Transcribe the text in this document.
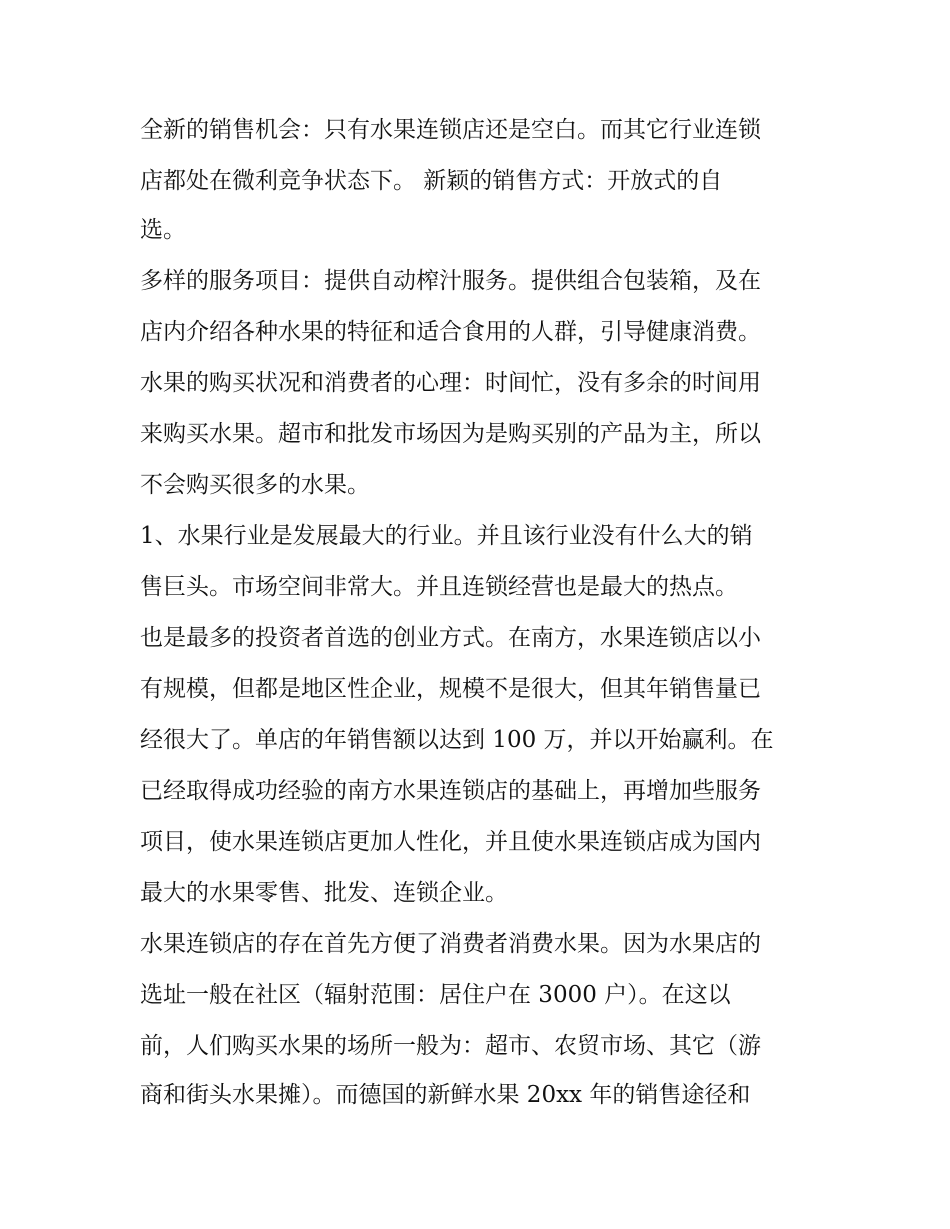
全新的销售机会：只有水果连锁店还是空白。而其它行业连锁

店都处在微利竞争状态下。 新颖的销售方式：开放式的自

选。

多样的服务项目：提供自动榨汁服务。提供组合包装箱，及在

店内介绍各种水果的特征和适合食用的人群，引导健康消费。

水果的购买状况和消费者的心理：时间忙，没有多余的时间用

来购买水果。超市和批发市场因为是购买别的产品为主，所以

不会购买很多的水果。

1、水果行业是发展最大的行业。并且该行业没有什么大的销

售巨头。市场空间非常大。并且连锁经营也是最大的热点。

也是最多的投资者首选的创业方式。在南方，水果连锁店以小

有规模，但都是地区性企业，规模不是很大，但其年销售量已

经很大了。单店的年销售额以达到 100 万，并以开始赢利。在

已经取得成功经验的南方水果连锁店的基础上，再增加些服务

项目，使水果连锁店更加人性化，并且使水果连锁店成为国内

最大的水果零售、批发、连锁企业。

水果连锁店的存在首先方便了消费者消费水果。因为水果店的

选址一般在社区（辐射范围：居住户在 3000 户）。在这以

前，人们购买水果的场所一般为：超市、农贸市场、其它（游

商和街头水果摊）。而德国的新鲜水果 20xx 年的销售途径和
